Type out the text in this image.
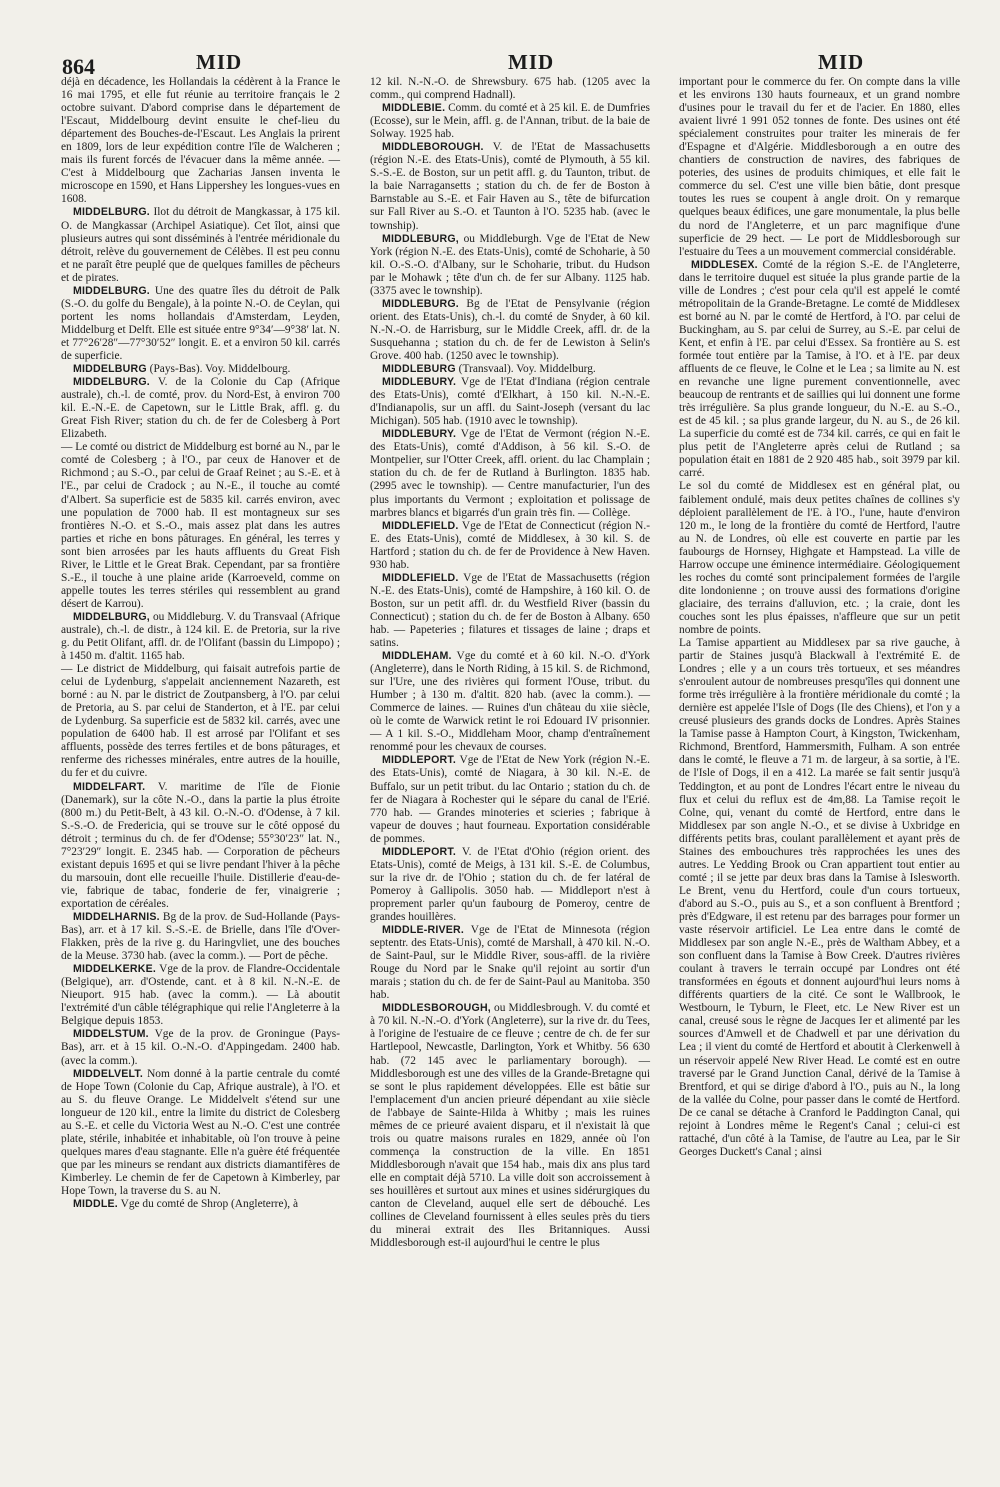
864	MID	MID	MID

déjà en décadence, les Hollandais la cédèrent à la France le 16 mai 1795, et elle fut réunie au territoire français le 2 octobre suivant. D'abord comprise dans le département de l'Escaut, Middelbourg devint ensuite le chef-lieu du département des Bouches-de-l'Escaut. Les Anglais la prirent en 1809, lors de leur expédition contre l'île de Walcheren ; mais ils furent forcés de l'évacuer dans la même année. — C'est à Middelbourg que Zacharias Jansen inventa le microscope en 1590, et Hans Lippershey les longues-vues en 1608.

MIDDELBURG. Ilot du détroit de Mangkassar, à 175 kil. O. de Mangkassar (Archipel Asiatique). Cet îlot, ainsi que plusieurs autres qui sont disséminés à l'entrée méridionale du détroit, relève du gouvernement de Célèbes. Il est peu connu et ne paraît être peuplé que de quelques familles de pêcheurs et de pirates.

MIDDELBURG. Une des quatre îles du détroit de Palk (S.-O. du golfe du Bengale), à la pointe N.-O. de Ceylan, qui portent les noms hollandais d'Amsterdam, Leyden, Middelburg et Delft. Elle est située entre 9°34′—9°38′ lat. N. et 77°26′28″—77°30′52″ longit. E. et a environ 50 kil. carrés de superficie.

MIDDELBURG (Pays-Bas). Voy. Middelbourg.

MIDDELBURG. V. de la Colonie du Cap (Afrique australe), ch.-l. de comté, prov. du Nord-Est, à environ 700 kil. E.-N.-E. de Capetown, sur le Little Brak, affl. g. du Great Fish River; station du ch. de fer de Colesberg à Port Elizabeth.

— Le comté ou district de Middelburg est borné au N., par le comté de Colesberg ; à l'O., par ceux de Hanover et de Richmond ; au S.-O., par celui de Graaf Reinet ; au S.-E. et à l'E., par celui de Cradock ; au N.-E., il touche au comté d'Albert. Sa superficie est de 5835 kil. carrés environ, avec une population de 7000 hab. Il est montagneux sur ses frontières N.-O. et S.-O., mais assez plat dans les autres parties et riche en bons pâturages. En général, les terres y sont bien arrosées par les hauts affluents du Great Fish River, le Little et le Great Brak. Cependant, par sa frontière S.-E., il touche à une plaine aride (Karroeveld, comme on appelle toutes les terres stériles qui ressemblent au grand désert de Karrou).

MIDDELBURG, ou Middleburg. V. du Transvaal (Afrique australe), ch.-l. de distr., à 124 kil. E. de Pretoria, sur la rive g. du Petit Olifant, affl. dr. de l'Olifant (bassin du Limpopo) ; à 1450 m. d'altit. 1165 hab.

— Le district de Middelburg, qui faisait autrefois partie de celui de Lydenburg, s'appelait anciennement Nazareth, est borné : au N. par le district de Zoutpansberg, à l'O. par celui de Pretoria, au S. par celui de Standerton, et à l'E. par celui de Lydenburg. Sa superficie est de 5832 kil. carrés, avec une population de 6400 hab. Il est arrosé par l'Olifant et ses affluents, possède des terres fertiles et de bons pâturages, et renferme des richesses minérales, entre autres de la houille, du fer et du cuivre.

MIDDELFART. V. maritime de l'île de Fionie (Danemark), sur la côte N.-O., dans la partie la plus étroite (800 m.) du Petit-Belt, à 43 kil. O.-N.-O. d'Odense, à 7 kil. S.-S.-O. de Fredericia, qui se trouve sur le côté opposé du détroit ; terminus du ch. de fer d'Odense; 55°30′23″ lat. N., 7°23′29″ longit. E. 2345 hab. — Corporation de pêcheurs existant depuis 1695 et qui se livre pendant l'hiver à la pêche du marsouin, dont elle recueille l'huile. Distillerie d'eau-de-vie, fabrique de tabac, fonderie de fer, vinaigrerie ; exportation de céréales.

MIDDELHARNIS. Bg de la prov. de Sud-Hollande (Pays-Bas), arr. et à 17 kil. S.-S.-E. de Brielle, dans l'île d'Over-Flakken, près de la rive g. du Haringvliet, une des bouches de la Meuse. 3730 hab. (avec la comm.). — Port de pêche.

MIDDELKERKE. Vge de la prov. de Flandre-Occidentale (Belgique), arr. d'Ostende, cant. et à 8 kil. N.-N.-E. de Nieuport. 915 hab. (avec la comm.). — Là aboutit l'extrémité d'un câble télégraphique qui relie l'Angleterre à la Belgique depuis 1853.

MIDDELSTUM. Vge de la prov. de Groningue (Pays-Bas), arr. et à 15 kil. O.-N.-O. d'Appingedam. 2400 hab. (avec la comm.).

MIDDELVELT. Nom donné à la partie centrale du comté de Hope Town (Colonie du Cap, Afrique australe), à l'O. et au S. du fleuve Orange. Le Middelvelt s'étend sur une longueur de 120 kil., entre la limite du district de Colesberg au S.-E. et celle du Victoria West au N.-O. C'est une contrée plate, stérile, inhabitée et inhabitable, où l'on trouve à peine quelques mares d'eau stagnante. Elle n'a guère été fréquentée que par les mineurs se rendant aux districts diamantifères de Kimberley. Le chemin de fer de Capetown à Kimberley, par Hope Town, la traverse du S. au N.

MIDDLE. Vge du comté de Shrop (Angleterre), à

12 kil. N.-N.-O. de Shrewsbury. 675 hab. (1205 avec la comm., qui comprend Hadnall).

MIDDLEBIE. Comm. du comté et à 25 kil. E. de Dumfries (Ecosse), sur le Mein, affl. g. de l'Annan, tribut. de la baie de Solway. 1925 hab.

MIDDLEBOROUGH. V. de l'Etat de Massachusetts (région N.-E. des Etats-Unis), comté de Plymouth, à 55 kil. S.-S.-E. de Boston, sur un petit affl. g. du Taunton, tribut. de la baie Narragansetts ; station du ch. de fer de Boston à Barnstable au S.-E. et Fair Haven au S., tête de bifurcation sur Fall River au S.-O. et Taunton à l'O. 5235 hab. (avec le township).

MIDDLEBURG, ou Middleburgh. Vge de l'Etat de New York (région N.-E. des Etats-Unis), comté de Schoharie, à 50 kil. O.-S.-O. d'Albany, sur le Schoharie, tribut. du Hudson par le Mohawk ; tête d'un ch. de fer sur Albany. 1125 hab. (3375 avec le township).

MIDDLEBURG. Bg de l'Etat de Pensylvanie (région orient. des Etats-Unis), ch.-l. du comté de Snyder, à 60 kil. N.-N.-O. de Harrisburg, sur le Middle Creek, affl. dr. de la Susquehanna ; station du ch. de fer de Lewiston à Selin's Grove. 400 hab. (1250 avec le township).

MIDDLEBURG (Transvaal). Voy. Middelburg.

MIDDLEBURY. Vge de l'Etat d'Indiana (région centrale des Etats-Unis), comté d'Elkhart, à 150 kil. N.-N.-E. d'Indianapolis, sur un affl. du Saint-Joseph (versant du lac Michigan). 505 hab. (1910 avec le township).

MIDDLEBURY. Vge de l'Etat de Vermont (région N.-E. des Etats-Unis), comté d'Addison, à 56 kil. S.-O. de Montpelier, sur l'Otter Creek, affl. orient. du lac Champlain ; station du ch. de fer de Rutland à Burlington. 1835 hab. (2995 avec le township). — Centre manufacturier, l'un des plus importants du Vermont ; exploitation et polissage de marbres blancs et bigarrés d'un grain très fin. — Collège.

MIDDLEFIELD. Vge de l'Etat de Connecticut (région N.-E. des Etats-Unis), comté de Middlesex, à 30 kil. S. de Hartford ; station du ch. de fer de Providence à New Haven. 930 hab.

MIDDLEFIELD. Vge de l'Etat de Massachusetts (région N.-E. des Etats-Unis), comté de Hampshire, à 160 kil. O. de Boston, sur un petit affl. dr. du Westfield River (bassin du Connecticut) ; station du ch. de fer de Boston à Albany. 650 hab. — Papeteries ; filatures et tissages de laine ; draps et satins.

MIDDLEHAM. Vge du comté et à 60 kil. N.-O. d'York (Angleterre), dans le North Riding, à 15 kil. S. de Richmond, sur l'Ure, une des rivières qui forment l'Ouse, tribut. du Humber ; à 130 m. d'altit. 820 hab. (avec la comm.). — Commerce de laines. — Ruines d'un château du xiie siècle, où le comte de Warwick retint le roi Edouard IV prisonnier. — A 1 kil. S.-O., Middleham Moor, champ d'entraînement renommé pour les chevaux de courses.

MIDDLEPORT. Vge de l'Etat de New York (région N.-E. des Etats-Unis), comté de Niagara, à 30 kil. N.-E. de Buffalo, sur un petit tribut. du lac Ontario ; station du ch. de fer de Niagara à Rochester qui le sépare du canal de l'Erié. 770 hab. — Grandes minoteries et scieries ; fabrique à vapeur de douves ; haut fourneau. Exportation considérable de pommes.

MIDDLEPORT. V. de l'Etat d'Ohio (région orient. des Etats-Unis), comté de Meigs, à 131 kil. S.-E. de Columbus, sur la rive dr. de l'Ohio ; station du ch. de fer latéral de Pomeroy à Gallipolis. 3050 hab. — Middleport n'est à proprement parler qu'un faubourg de Pomeroy, centre de grandes houillères.

MIDDLE-RIVER. Vge de l'Etat de Minnesota (région septentr. des Etats-Unis), comté de Marshall, à 470 kil. N.-O. de Saint-Paul, sur le Middle River, sous-affl. de la rivière Rouge du Nord par le Snake qu'il rejoint au sortir d'un marais ; station du ch. de fer de Saint-Paul au Manitoba. 350 hab.

MIDDLESBOROUGH, ou Middlesbrough. V. du comté et à 70 kil. N.-N.-O. d'York (Angleterre), sur la rive dr. du Tees, à l'origine de l'estuaire de ce fleuve ; centre de ch. de fer sur Hartlepool, Newcastle, Darlington, York et Whitby. 56 630 hab. (72 145 avec le parliamentary borough). — Middlesborough est une des villes de la Grande-Bretagne qui se sont le plus rapidement développées. Elle est bâtie sur l'emplacement d'un ancien prieuré dépendant au xiie siècle de l'abbaye de Sainte-Hilda à Whitby ; mais les ruines mêmes de ce prieuré avaient disparu, et il n'existait là que trois ou quatre maisons rurales en 1829, année où l'on commença la construction de la ville. En 1851 Middlesborough n'avait que 154 hab., mais dix ans plus tard elle en comptait déjà 5710. La ville doit son accroissement à ses houillères et surtout aux mines et usines sidérurgiques du canton de Cleveland, auquel elle sert de débouché. Les collines de Cleveland fournissent à elles seules près du tiers du minerai extrait des Iles Britanniques. Aussi Middlesborough est-il aujourd'hui le centre le plus

important pour le commerce du fer. On compte dans la ville et les environs 130 hauts fourneaux, et un grand nombre d'usines pour le travail du fer et de l'acier. En 1880, elles avaient livré 1 991 052 tonnes de fonte. Des usines ont été spécialement construites pour traiter les minerais de fer d'Espagne et d'Algérie. Middlesborough a en outre des chantiers de construction de navires, des fabriques de poteries, des usines de produits chimiques, et elle fait le commerce du sel. C'est une ville bien bâtie, dont presque toutes les rues se coupent à angle droit. On y remarque quelques beaux édifices, une gare monumentale, la plus belle du nord de l'Angleterre, et un parc magnifique d'une superficie de 29 hect. — Le port de Middlesborough sur l'estuaire du Tees a un mouvement commercial considérable.

MIDDLESEX. Comté de la région S.-E. de l'Angleterre, dans le territoire duquel est située la plus grande partie de la ville de Londres ; c'est pour cela qu'il est appelé le comté métropolitain de la Grande-Bretagne. Le comté de Middlesex est borné au N. par le comté de Hertford, à l'O. par celui de Buckingham, au S. par celui de Surrey, au S.-E. par celui de Kent, et enfin à l'E. par celui d'Essex. Sa frontière au S. est formée tout entière par la Tamise, à l'O. et à l'E. par deux affluents de ce fleuve, le Colne et le Lea ; sa limite au N. est en revanche une ligne purement conventionnelle, avec beaucoup de rentrants et de saillies qui lui donnent une forme très irrégulière. Sa plus grande longueur, du N.-E. au S.-O., est de 45 kil. ; sa plus grande largeur, du N. au S., de 26 kil. La superficie du comté est de 734 kil. carrés, ce qui en fait le plus petit de l'Angleterre après celui de Rutland ; sa population était en 1881 de 2 920 485 hab., soit 3979 par kil. carré.

Le sol du comté de Middlesex est en général plat, ou faiblement ondulé, mais deux petites chaînes de collines s'y déploient parallèlement de l'E. à l'O., l'une, haute d'environ 120 m., le long de la frontière du comté de Hertford, l'autre au N. de Londres, où elle est couverte en partie par les faubourgs de Hornsey, Highgate et Hampstead. La ville de Harrow occupe une éminence intermédiaire. Géologiquement les roches du comté sont principalement formées de l'argile dite londonienne ; on trouve aussi des formations d'origine glaciaire, des terrains d'alluvion, etc. ; la craie, dont les couches sont les plus épaisses, n'affleure que sur un petit nombre de points.

La Tamise appartient au Middlesex par sa rive gauche, à partir de Staines jusqu'à Blackwall à l'extrémité E. de Londres ; elle y a un cours très tortueux, et ses méandres s'enroulent autour de nombreuses presqu'îles qui donnent une forme très irrégulière à la frontière méridionale du comté ; la dernière est appelée l'Isle of Dogs (Ile des Chiens), et l'on y a creusé plusieurs des grands docks de Londres. Après Staines la Tamise passe à Hampton Court, à Kingston, Twickenham, Richmond, Brentford, Hammersmith, Fulham. A son entrée dans le comté, le fleuve a 71 m. de largeur, à sa sortie, à l'E. de l'Isle of Dogs, il en a 412. La marée se fait sentir jusqu'à Teddington, et au pont de Londres l'écart entre le niveau du flux et celui du reflux est de 4m,88. La Tamise reçoit le Colne, qui, venant du comté de Hertford, entre dans le Middlesex par son angle N.-O., et se divise à Uxbridge en différents petits bras, coulant parallèlement et ayant près de Staines des embouchures très rapprochées les unes des autres. Le Yedding Brook ou Cran appartient tout entier au comté ; il se jette par deux bras dans la Tamise à Islesworth. Le Brent, venu du Hertford, coule d'un cours tortueux, d'abord au S.-O., puis au S., et a son confluent à Brentford ; près d'Edgware, il est retenu par des barrages pour former un vaste réservoir artificiel. Le Lea entre dans le comté de Middlesex par son angle N.-E., près de Waltham Abbey, et a son confluent dans la Tamise à Bow Creek. D'autres rivières coulant à travers le terrain occupé par Londres ont été transformées en égouts et donnent aujourd'hui leurs noms à différents quartiers de la cité. Ce sont le Wallbrook, le Westbourn, le Tyburn, le Fleet, etc. Le New River est un canal, creusé sous le règne de Jacques Ier et alimenté par les sources d'Amwell et de Chadwell et par une dérivation du Lea ; il vient du comté de Hertford et aboutit à Clerkenwell à un réservoir appelé New River Head. Le comté est en outre traversé par le Grand Junction Canal, dérivé de la Tamise à Brentford, et qui se dirige d'abord à l'O., puis au N., la long de la vallée du Colne, pour passer dans le comté de Hertford. De ce canal se détache à Cranford le Paddington Canal, qui rejoint à Londres même le Regent's Canal ; celui-ci est rattaché, d'un côté à la Tamise, de l'autre au Lea, par le Sir Georges Duckett's Canal ; ainsi
